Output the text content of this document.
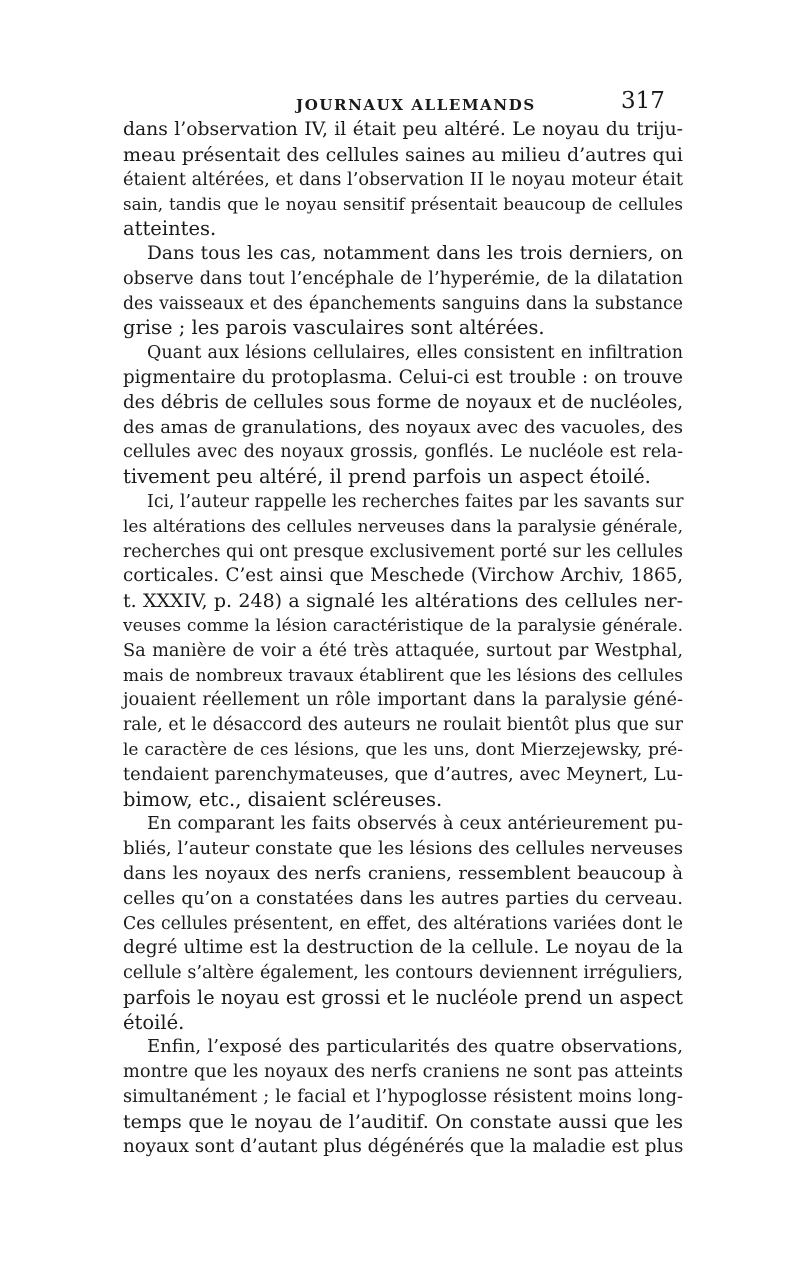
JOURNAUX ALLEMANDS	317
dans l’observation IV, il était peu altéré. Le noyau du triju-
meau présentait des cellules saines au milieu d’autres qui
étaient altérées, et dans l’observation II le noyau moteur était
sain, tandis que le noyau sensitif présentait beaucoup de cellules
atteintes.
Dans tous les cas, notamment dans les trois derniers, on
observe dans tout l’encéphale de l’hyperémie, de la dilatation
des vaisseaux et des épanchements sanguins dans la substance
grise ; les parois vasculaires sont altérées.
Quant aux lésions cellulaires, elles consistent en infiltration
pigmentaire du protoplasma. Celui-ci est trouble : on trouve
des débris de cellules sous forme de noyaux et de nucléoles,
des amas de granulations, des noyaux avec des vacuoles, des
cellules avec des noyaux grossis, gonflés. Le nucléole est rela-
tivement peu altéré, il prend parfois un aspect étoilé.
Ici, l’auteur rappelle les recherches faites par les savants sur
les altérations des cellules nerveuses dans la paralysie générale,
recherches qui ont presque exclusivement porté sur les cellules
corticales. C’est ainsi que Meschede (Virchow Archiv, 1865,
t. XXXIV, p. 248) a signalé les altérations des cellules ner-
veuses comme la lésion caractéristique de la paralysie générale.
Sa manière de voir a été très attaquée, surtout par Westphal,
mais de nombreux travaux établirent que les lésions des cellules
jouaient réellement un rôle important dans la paralysie géné-
rale, et le désaccord des auteurs ne roulait bientôt plus que sur
le caractère de ces lésions, que les uns, dont Mierzejewsky, pré-
tendaient parenchymateuses, que d’autres, avec Meynert, Lu-
bimow, etc., disaient scléreuses.
En comparant les faits observés à ceux antérieurement pu-
bliés, l’auteur constate que les lésions des cellules nerveuses
dans les noyaux des nerfs craniens, ressemblent beaucoup à
celles qu’on a constatées dans les autres parties du cerveau.
Ces cellules présentent, en effet, des altérations variées dont le
degré ultime est la destruction de la cellule. Le noyau de la
cellule s’altère également, les contours deviennent irréguliers,
parfois le noyau est grossi et le nucléole prend un aspect
étoilé.
Enfin, l’exposé des particularités des quatre observations,
montre que les noyaux des nerfs craniens ne sont pas atteints
simultanément ; le facial et l’hypoglosse résistent moins long-
temps que le noyau de l’auditif. On constate aussi que les
noyaux sont d’autant plus dégénérés que la maladie est plus
